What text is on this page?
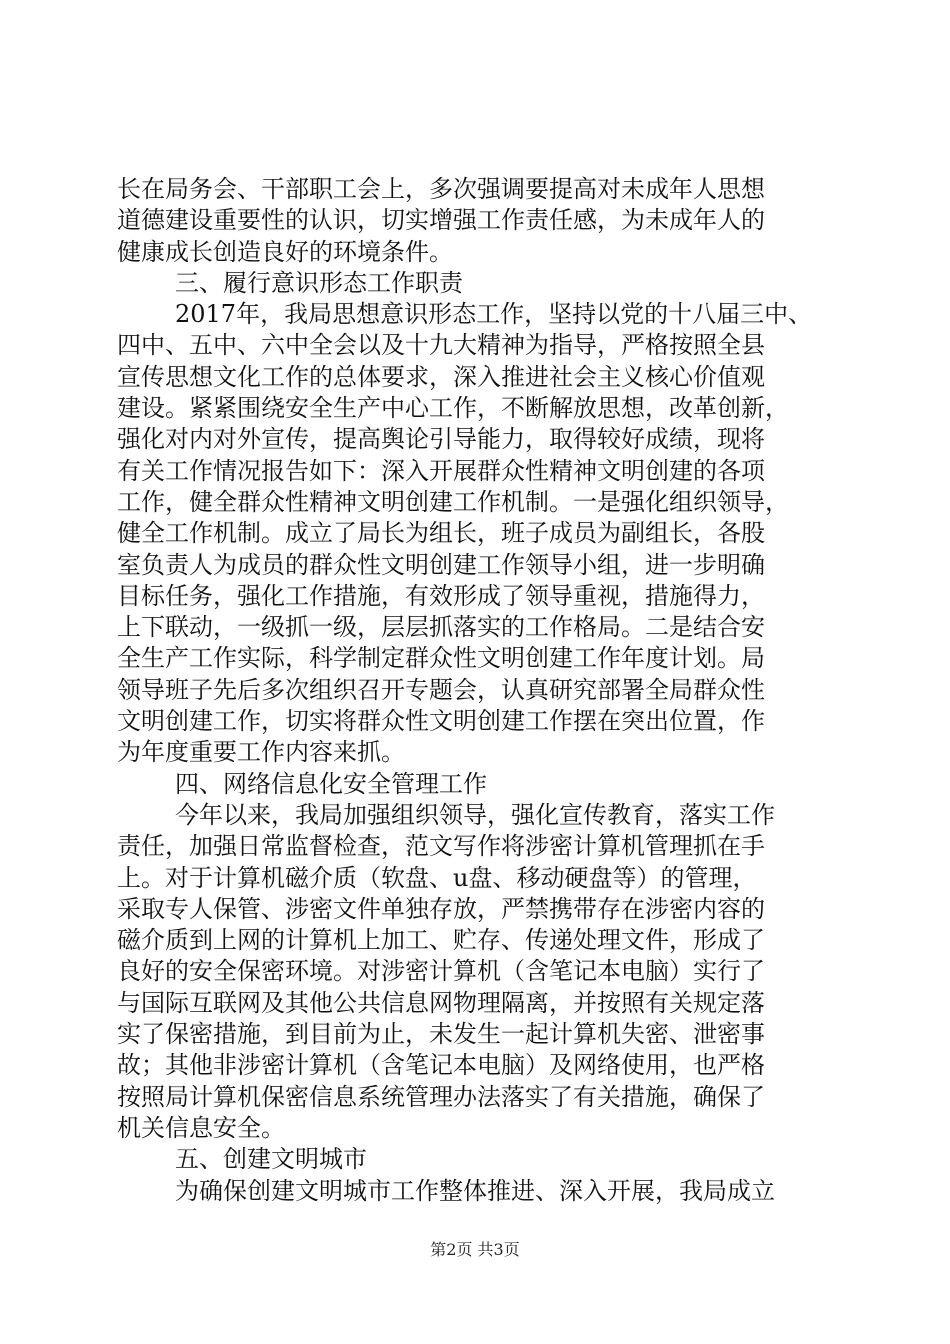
长在局务会、干部职工会上，多次强调要提高对未成年人思想
道德建设重要性的认识，切实增强工作责任感，为未成年人的
健康成长创造良好的环境条件。
三、履行意识形态工作职责
2017年，我局思想意识形态工作，坚持以党的十八届三中、
四中、五中、六中全会以及十九大精神为指导，严格按照全县
宣传思想文化工作的总体要求，深入推进社会主义核心价值观
建设。紧紧围绕安全生产中心工作，不断解放思想，改革创新，
强化对内对外宣传，提高舆论引导能力，取得较好成绩，现将
有关工作情况报告如下：深入开展群众性精神文明创建的各项
工作，健全群众性精神文明创建工作机制。一是强化组织领导，
健全工作机制。成立了局长为组长，班子成员为副组长，各股
室负责人为成员的群众性文明创建工作领导小组，进一步明确
目标任务，强化工作措施，有效形成了领导重视，措施得力，
上下联动，一级抓一级，层层抓落实的工作格局。二是结合安
全生产工作实际，科学制定群众性文明创建工作年度计划。局
领导班子先后多次组织召开专题会，认真研究部署全局群众性
文明创建工作，切实将群众性文明创建工作摆在突出位置，作
为年度重要工作内容来抓。
四、网络信息化安全管理工作
今年以来，我局加强组织领导，强化宣传教育，落实工作
责任，加强日常监督检查，范文写作将涉密计算机管理抓在手
上。对于计算机磁介质（软盘、u盘、移动硬盘等）的管理，
采取专人保管、涉密文件单独存放，严禁携带存在涉密内容的
磁介质到上网的计算机上加工、贮存、传递处理文件，形成了
良好的安全保密环境。对涉密计算机（含笔记本电脑）实行了
与国际互联网及其他公共信息网物理隔离，并按照有关规定落
实了保密措施，到目前为止，未发生一起计算机失密、泄密事
故；其他非涉密计算机（含笔记本电脑）及网络使用，也严格
按照局计算机保密信息系统管理办法落实了有关措施，确保了
机关信息安全。
五、创建文明城市
为确保创建文明城市工作整体推进、深入开展，我局成立
第2页 共3页
